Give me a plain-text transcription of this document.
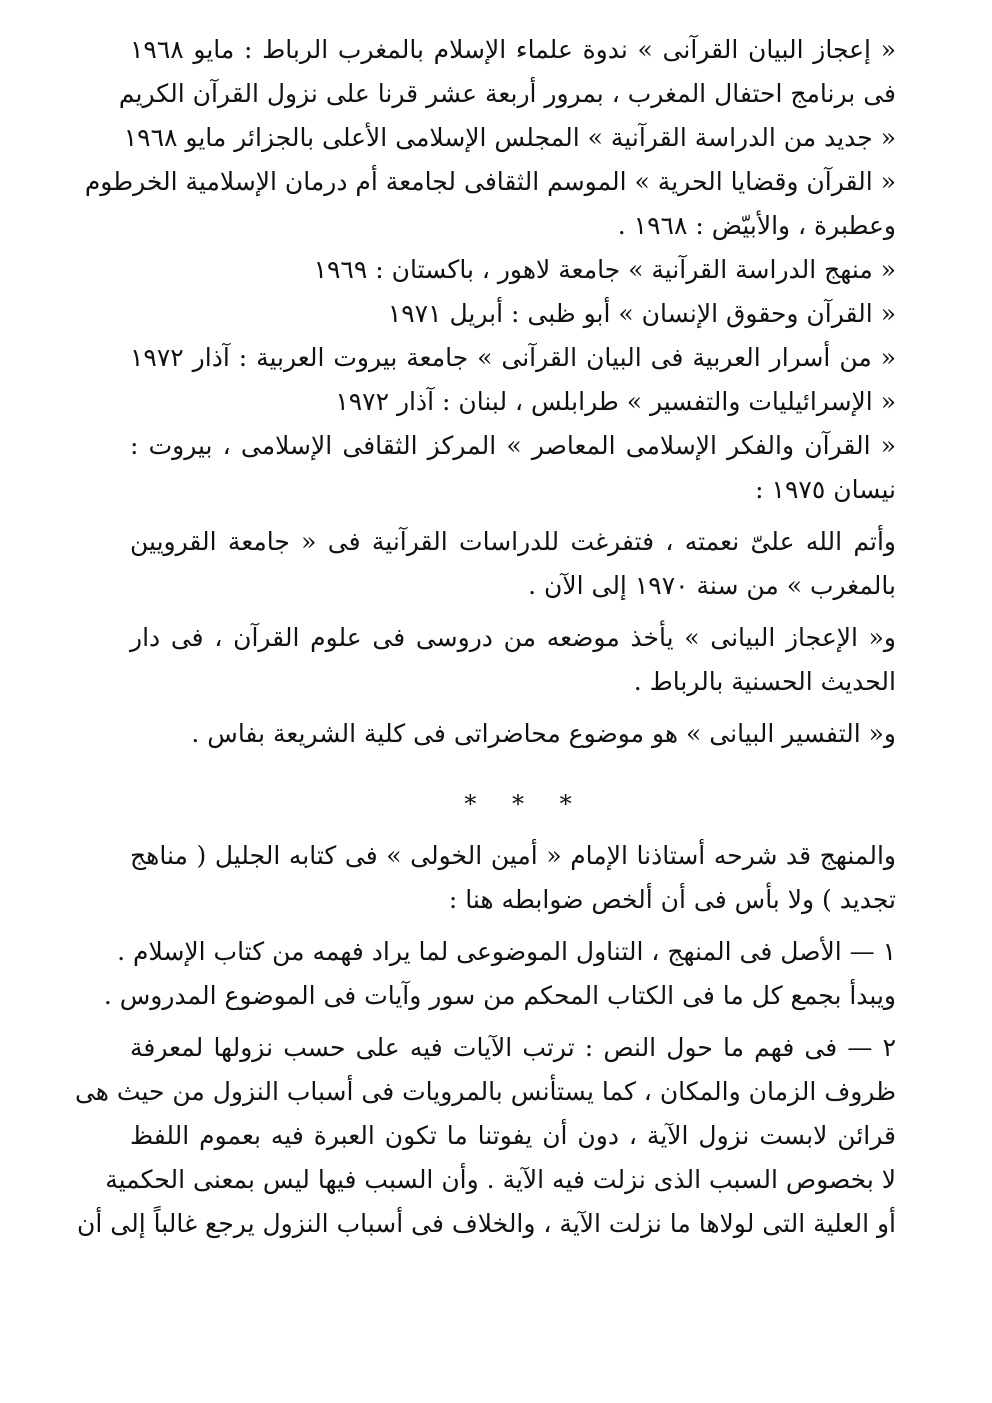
« إعجاز البيان القرآنى » ندوة علماء الإسلام بالمغرب الرباط : مايو ١٩٦٨
فى برنامج احتفال المغرب ، بمرور أربعة عشر قرنا على نزول القرآن الكريم
« جديد من الدراسة القرآنية » المجلس الإسلامى الأعلى بالجزائر مايو ١٩٦٨
« القرآن وقضايا الحرية » الموسم الثقافى لجامعة أم درمان الإسلامية الخرطوم
وعطبرة ، والأبيّض : ١٩٦٨ .
« منهج الدراسة القرآنية » جامعة لاهور ، باكستان : ١٩٦٩
« القرآن وحقوق الإنسان » أبو ظبى : أبريل ١٩٧١
« من أسرار العربية فى البيان القرآنى » جامعة بيروت العربية : آذار ١٩٧٢
« الإسرائيليات والتفسير » طرابلس ، لبنان : آذار ١٩٧٢
« القرآن والفكر الإسلامى المعاصر » المركز الثقافى الإسلامى ، بيروت :
نيسان ١٩٧٥ :
وأتم الله علىّ نعمته ، فتفرغت للدراسات القرآنية فى « جامعة القرويين
بالمغرب » من سنة ١٩٧٠ إلى الآن .
و« الإعجاز البيانى » يأخذ موضعه من دروسى فى علوم القرآن ، فى دار
الحديث الحسنية بالرباط .
و« التفسير البيانى » هو موضوع محاضراتى فى كلية الشريعة بفاس .
* * *
والمنهج قد شرحه أستاذنا الإمام « أمين الخولى » فى كتابه الجليل ( مناهج
تجديد ) ولا بأس فى أن ألخص ضوابطه هنا :
١ — الأصل فى المنهج ، التناول الموضوعى لما يراد فهمه من كتاب الإسلام .
ويبدأ بجمع كل ما فى الكتاب المحكم من سور وآيات فى الموضوع المدروس .
٢ — فى فهم ما حول النص : ترتب الآيات فيه على حسب نزولها لمعرفة
ظروف الزمان والمكان ، كما يستأنس بالمرويات فى أسباب النزول من حيث هى
قرائن لابست نزول الآية ، دون أن يفوتنا ما تكون العبرة فيه بعموم اللفظ
لا بخصوص السبب الذى نزلت فيه الآية . وأن السبب فيها ليس بمعنى الحكمية
أو العلية التى لولاها ما نزلت الآية ، والخلاف فى أسباب النزول يرجع غالباً إلى أن
